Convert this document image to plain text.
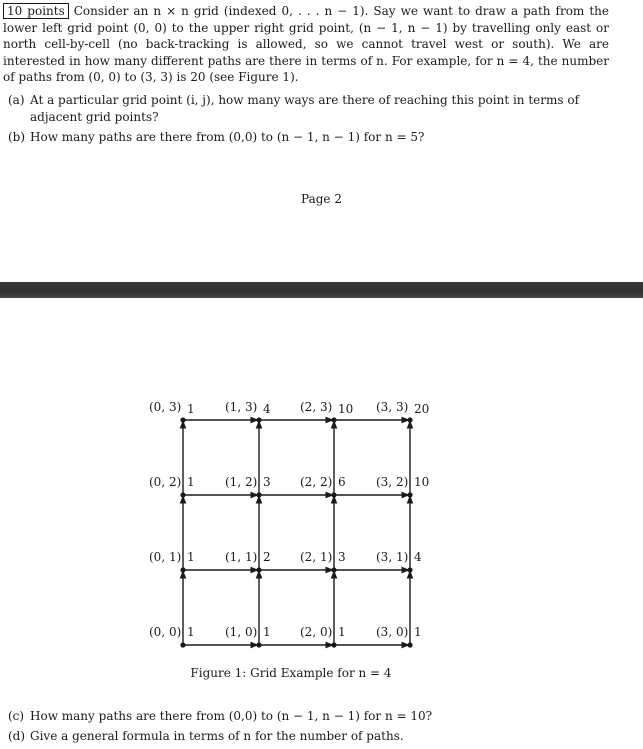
10 points Consider an n × n grid (indexed 0, . . . n − 1). Say we want to draw a path from the lower left grid point (0, 0) to the upper right grid point, (n − 1, n − 1) by travelling only east or north cell-by-cell (no back-tracking is allowed, so we cannot travel west or south). We are interested in how many different paths are there in terms of n. For example, for n = 4, the number of paths from (0, 0) to (3, 3) is 20 (see Figure 1).
(a) At a particular grid point (i, j), how many ways are there of reaching this point in terms of adjacent grid points?
(b) How many paths are there from (0,0) to (n − 1, n − 1) for n = 5?
Page 2
(0, 3) 1	(1, 3) 4 (2, 3) 10 (3, 3) 20
(0, 2) 1	(1, 2) 3 (2, 2) 6	(3, 2) 10
(0, 1) 1	(1, 1) 2 (2, 1) 3	(3, 1) 4
(0, 0) 1	(1, 0) 1 (2, 0) 1	(3, 0) 1
Figure 1: Grid Example for n = 4
(c) How many paths are there from (0,0) to (n − 1, n − 1) for n = 10?
(d) Give a general formula in terms of n for the number of paths.
